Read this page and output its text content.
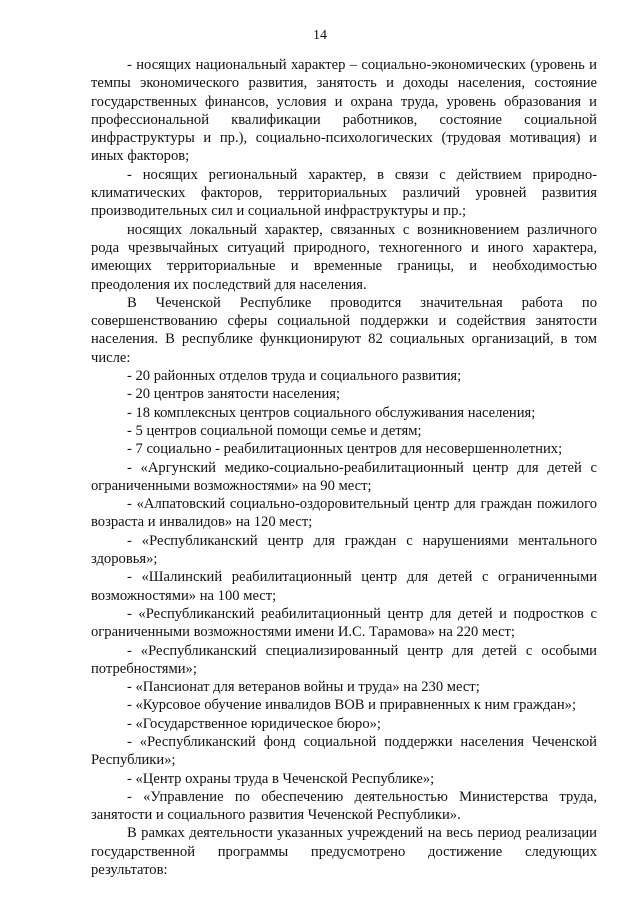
14

- носящих национальный характер – социально-экономических (уровень и темпы экономического развития, занятость и доходы населения, состояние государственных финансов, условия и охрана труда, уровень образования и профессиональной квалификации работников, состояние социальной инфраструктуры и пр.), социально-психологических (трудовая мотивация) и иных факторов;

- носящих региональный характер, в связи с действием природно-климатических факторов, территориальных различий уровней развития производительных сил и социальной инфраструктуры и пр.;

носящих локальный характер, связанных с возникновением различного рода чрезвычайных ситуаций природного, техногенного и иного характера, имеющих территориальные и временные границы, и необходимостью преодоления их последствий для населения.

В Чеченской Республике проводится значительная работа по совершенствованию сферы социальной поддержки и содействия занятости населения. В республике функционируют 82 социальных организаций, в том числе:

- 20 районных отделов труда и социального развития;

- 20 центров занятости населения;

- 18 комплексных центров социального обслуживания населения;

- 5 центров социальной помощи семье и детям;

- 7 социально - реабилитационных центров для несовершеннолетних;

- «Аргунский медико-социально-реабилитационный центр для детей с ограниченными возможностями» на 90 мест;

- «Алпатовский социально-оздоровительный центр для граждан пожилого возраста и инвалидов» на 120 мест;

- «Республиканский центр для граждан с нарушениями ментального здоровья»;

- «Шалинский реабилитационный центр для детей с ограниченными возможностями» на 100 мест;

- «Республиканский реабилитационный центр для детей и подростков с ограниченными возможностями имени И.С. Тарамова» на 220 мест;

- «Республиканский специализированный центр для детей с особыми потребностями»;

- «Пансионат для ветеранов войны и труда» на 230 мест;

- «Курсовое обучение инвалидов ВОВ и приравненных к ним граждан»;

- «Государственное юридическое бюро»;

- «Республиканский фонд социальной поддержки населения Чеченской Республики»;

- «Центр охраны труда в Чеченской Республике»;

- «Управление по обеспечению деятельностью Министерства труда, занятости и социального развития Чеченской Республики».

В рамках деятельности указанных учреждений на весь период реализации государственной программы предусмотрено достижение следующих результатов:
